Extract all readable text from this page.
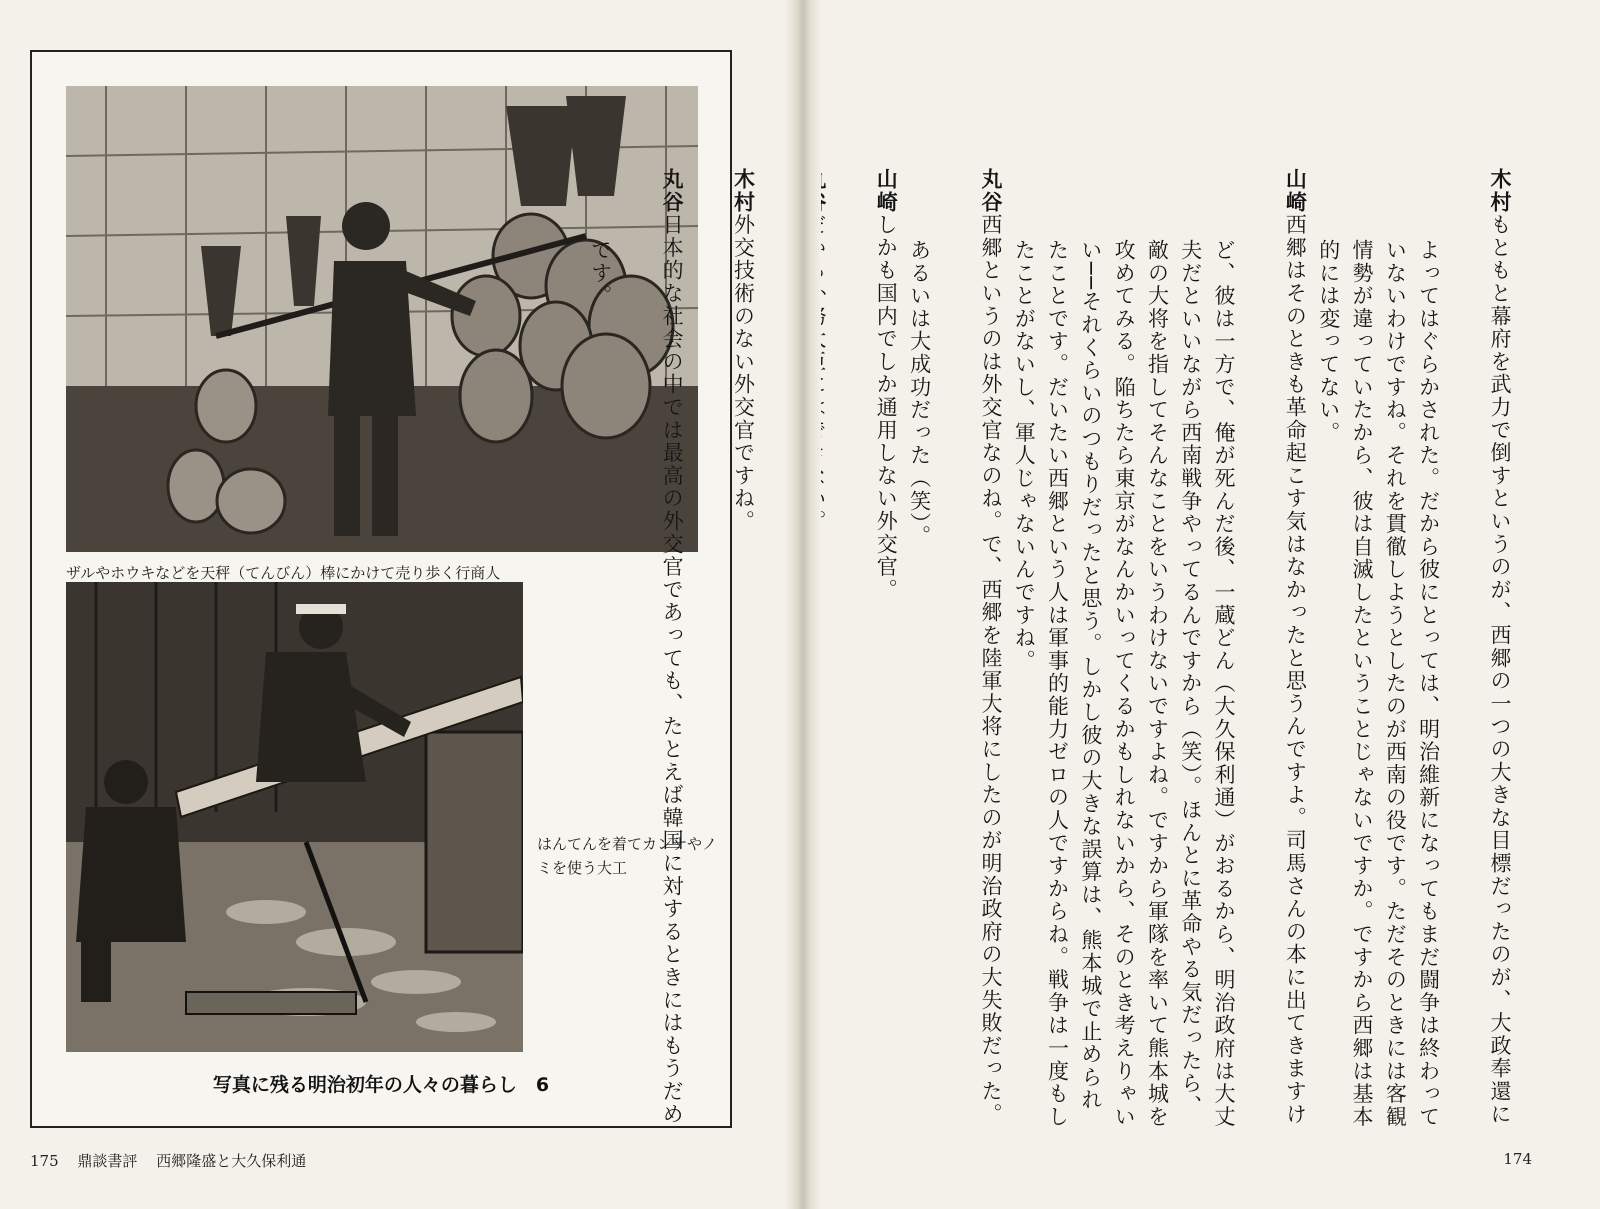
ザルやホウキなどを天秤（てんびん）棒にかけて売り歩く行商人
はんてんを着てカンナやノミを使う大工
写真に残る明治初年の人々の暮らし　6
175 鼎談書評 西郷隆盛と大久保利通

木村もともと幕府を武力で倒すというのが、西郷の一つの大きな目標だったのが、大政奉還によってはぐらかされた。だから彼にとっては、明治維新になってもまだ闘争は終わっていないわけですね。それを貫徹しようとしたのが西南の役です。ただそのときには客観情勢が違っていたから、彼は自滅したということじゃないですか。ですから西郷は基本的には変ってない。

山崎西郷はそのときも革命起こす気はなかったと思うんですよ。司馬さんの本に出てきますけど、彼は一方で、俺が死んだ後、一蔵どん（大久保利通）がおるから、明治政府は大丈夫だといいながら西南戦争やってるんですから（笑）。ほんとに革命やる気だったら、敵の大将を指してそんなことをいうわけないですよね。ですから軍隊を率いて熊本城を攻めてみる。陥ちたら東京がなんかいってくるかもしれないから、そのとき考えりゃいい──それくらいのつもりだったと思う。しかし彼の大きな誤算は、熊本城で止められたことです。だいたい西郷という人は軍事的能力ゼロの人ですからね。戦争は一度もしたことがないし、軍人じゃないんですね。

丸谷西郷というのは外交官なのね。で、西郷を陸軍大将にしたのが明治政府の大失敗だった。あるいは大成功だった（笑）。

山崎しかも国内でしか通用しない外交官。

木村外交技術のない外交官ですね。

丸谷日本的な社会の中では最高の外交官であっても、たとえば韓国に対するときにはもうだめです。

174
